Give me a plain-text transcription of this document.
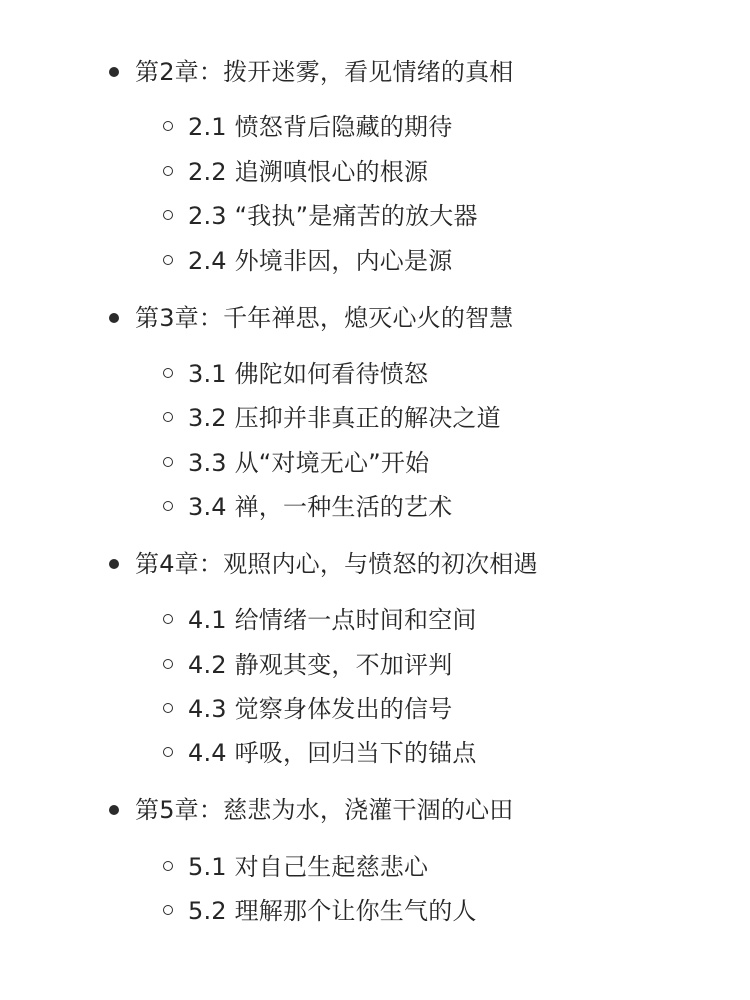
第2章：拨开迷雾，看见情绪的真相
2.1 愤怒背后隐藏的期待
2.2 追溯嗔恨心的根源
2.3 “我执”是痛苦的放大器
2.4 外境非因，内心是源
第3章：千年禅思，熄灭心火的智慧
3.1 佛陀如何看待愤怒
3.2 压抑并非真正的解决之道
3.3 从“对境无心”开始
3.4 禅，一种生活的艺术
第4章：观照内心，与愤怒的初次相遇
4.1 给情绪一点时间和空间
4.2 静观其变，不加评判
4.3 觉察身体发出的信号
4.4 呼吸，回归当下的锚点
第5章：慈悲为水，浇灌干涸的心田
5.1 对自己生起慈悲心
5.2 理解那个让你生气的人
